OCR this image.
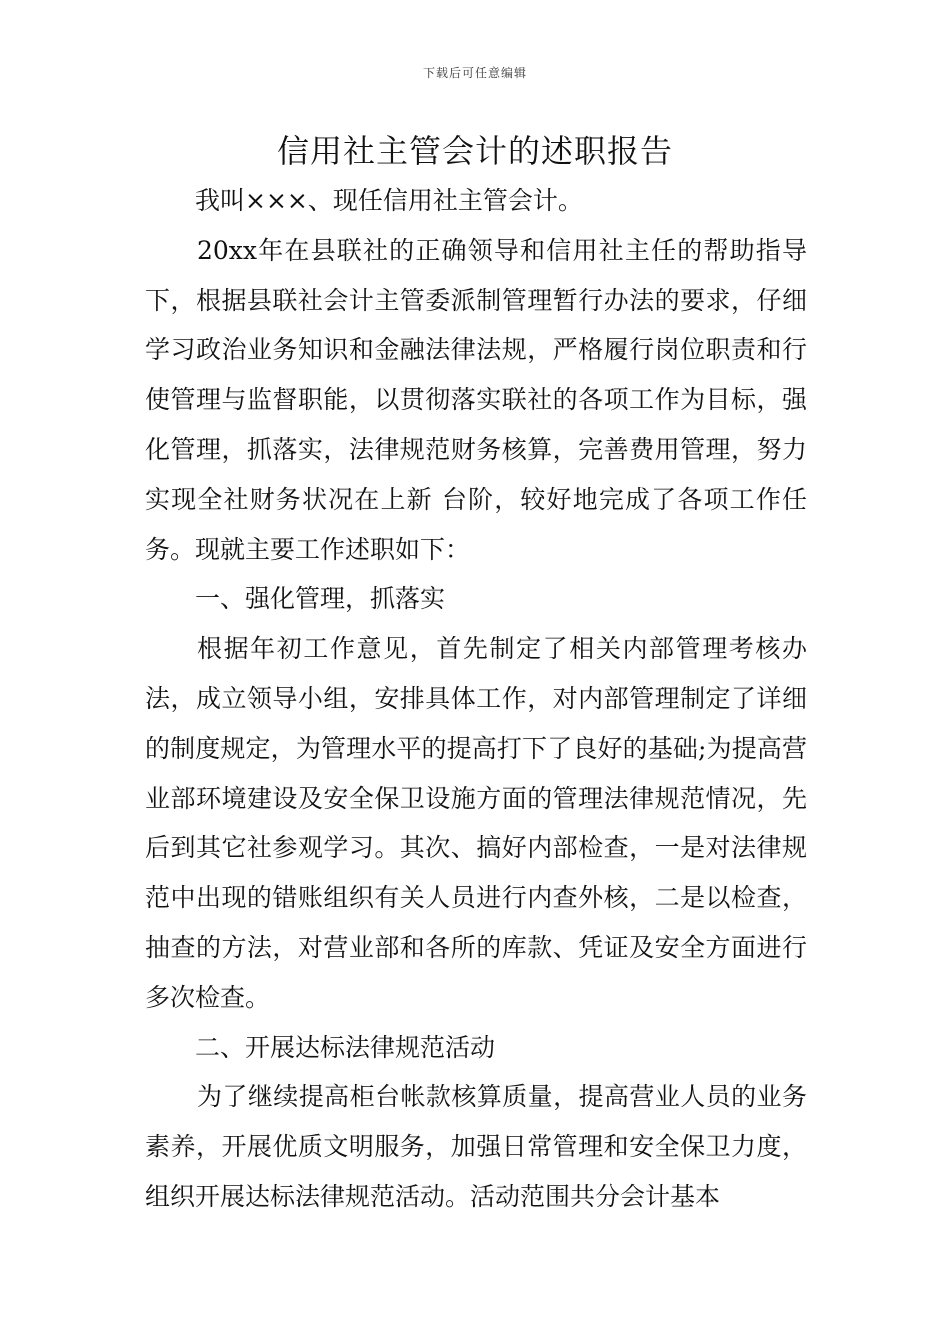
下载后可任意编辑
信用社主管会计的述职报告

我叫×××、现任信用社主管会计。

20xx年在县联社的正确领导和信用社主任的帮助指导下，根据县联社会计主管委派制管理暂行办法的要求，仔细学习政治业务知识和金融法律法规，严格履行岗位职责和行使管理与监督职能，以贯彻落实联社的各项工作为目标，强化管理，抓落实，法律规范财务核算，完善费用管理，努力实现全社财务状况在上新 台阶，较好地完成了各项工作任务。现就主要工作述职如下：

一、强化管理，抓落实

根据年初工作意见，首先制定了相关内部管理考核办法，成立领导小组，安排具体工作，对内部管理制定了详细的制度规定，为管理水平的提高打下了良好的基础;为提高营业部环境建设及安全保卫设施方面的管理法律规范情况，先后到其它社参观学习。其次、搞好内部检查，一是对法律规范中出现的错账组织有关人员进行内查外核，二是以检查，抽查的方法，对营业部和各所的库款、凭证及安全方面进行多次检查。

二、开展达标法律规范活动

为了继续提高柜台帐款核算质量，提高营业人员的业务素养，开展优质文明服务，加强日常管理和安全保卫力度，组织开展达标法律规范活动。活动范围共分会计基本
